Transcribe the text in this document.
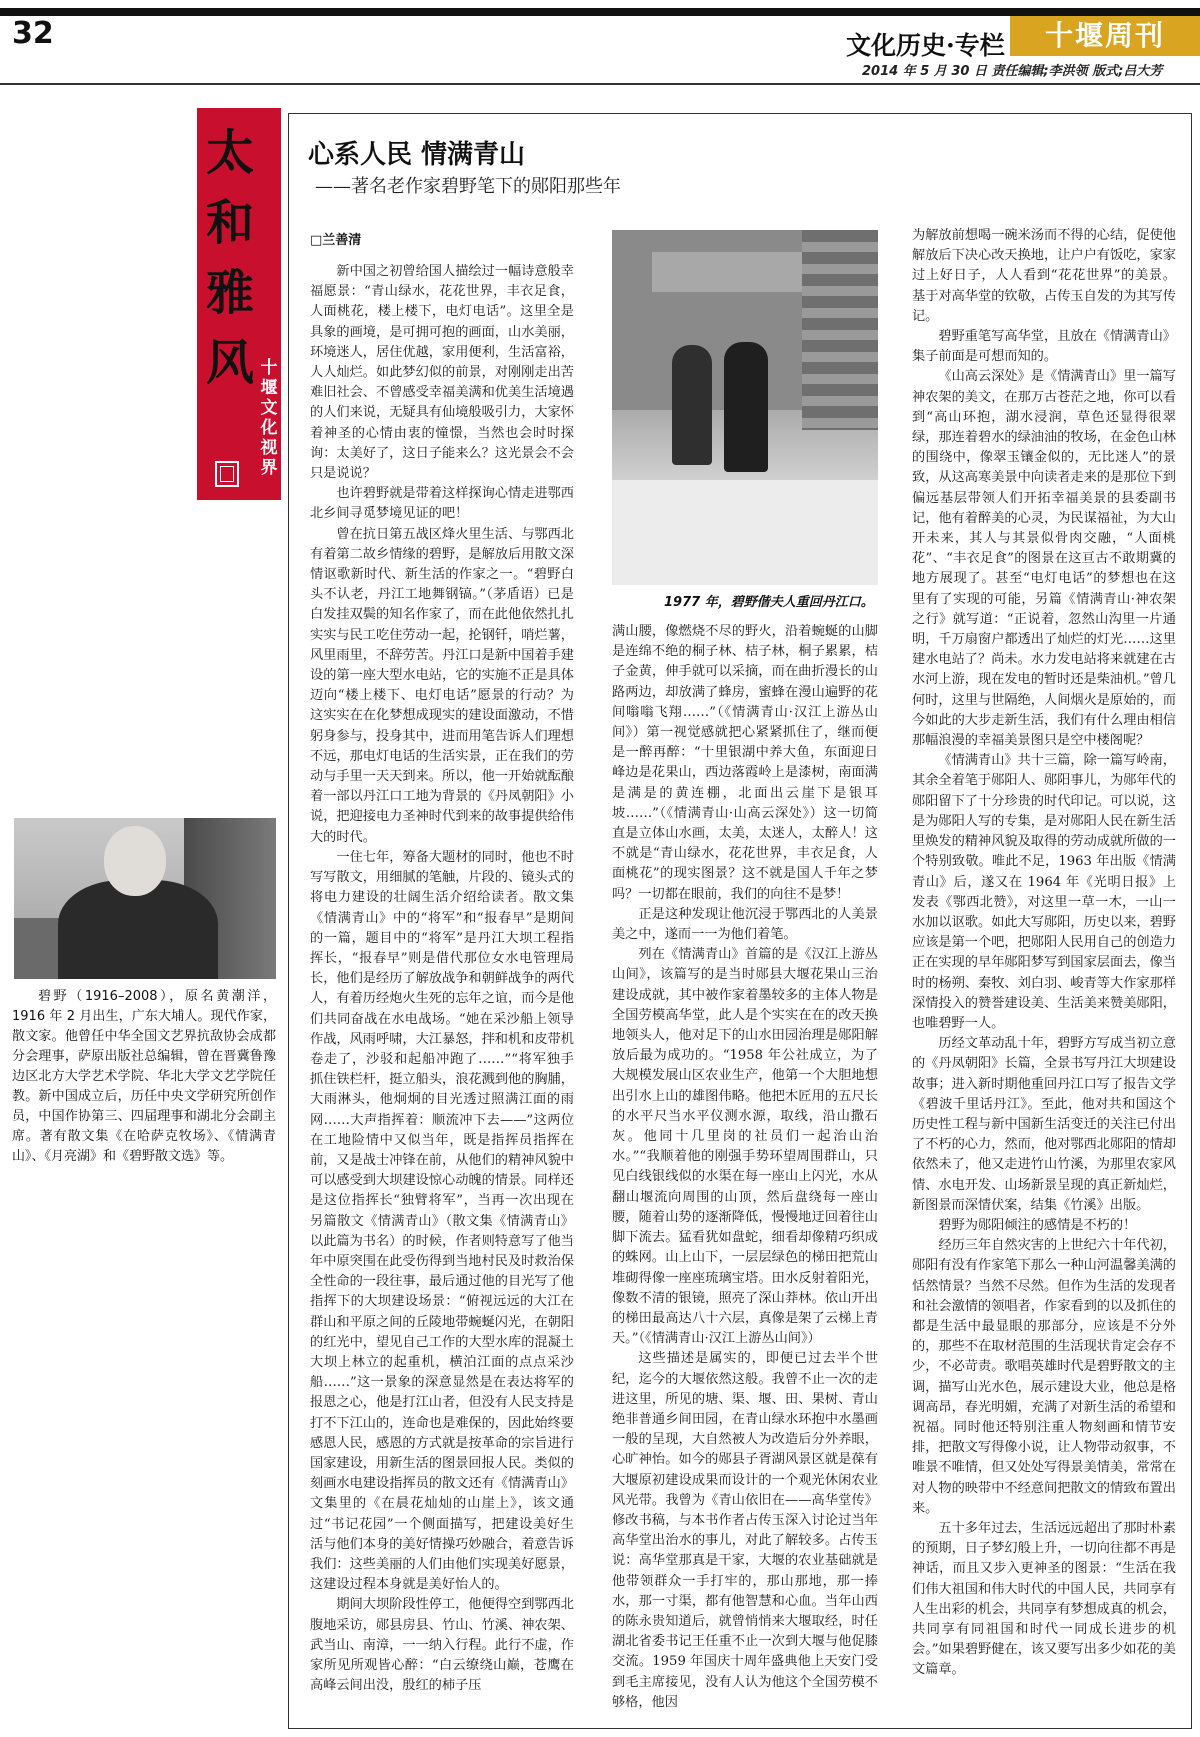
32	文化历史·专栏	十堰周刊
2014 年 5 月 30 日 责任编辑;李洪领 版式;吕大芳
太和雅风 十堰文化视界
碧野（1916–2008），原名黄潮洋，1916 年 2 月出生，广东大埔人。现代作家，散文家。他曾任中华全国文艺界抗敌协会成都分会理事，萨原出版社总编辑，曾在晋冀鲁豫边区北方大学艺术学院、华北大学文艺学院任教。新中国成立后，历任中央文学研究所创作员，中国作协第三、四届理事和湖北分会副主席。著有散文集《在哈萨克牧场》、《情满青山》、《月亮湖》和《碧野散文选》等。
心系人民 情满青山
——著名老作家碧野笔下的郧阳那些年
□兰善清

新中国之初曾给国人描绘过一幅诗意般幸福愿景：“青山绿水，花花世界，丰衣足食，人面桃花，楼上楼下，电灯电话”。这里全是具象的画境，是可拥可抱的画面，山水美丽，环境迷人，居住优越，家用便利，生活富裕，人人灿烂。如此梦幻似的前景，对刚刚走出苦难旧社会、不曾感受幸福美满和优美生活境遇的人们来说，无疑具有仙境般吸引力，大家怀着神圣的心情由衷的憧憬，当然也会时时探询：太美好了，这日子能来么？这光景会不会只是说说？

也许碧野就是带着这样探询心情走进鄂西北乡间寻觅梦境见证的吧！

曾在抗日第五战区烽火里生活、与鄂西北有着第二故乡情缘的碧野，是解放后用散文深情讴歌新时代、新生活的作家之一。“碧野白头不认老，丹江工地舞钢镐。”（茅盾语）已是白发挂双鬓的知名作家了，而在此他依然扎扎实实与民工吃住劳动一起，抡钢钎，哨烂薯，风里雨里，不辞劳苦。丹江口是新中国着手建设的第一座大型水电站，它的实施不正是具体迈向“楼上楼下、电灯电话”愿景的行动？为这实实在在化梦想成现实的建设面激动，不惜躬身参与，投身其中，进而用笔告诉人们理想不远，那电灯电话的生活实景，正在我们的劳动与手里一天天到来。所以，他一开始就酝酿着一部以丹江口工地为背景的《丹凤朝阳》小说，把迎接电力圣神时代到来的故事提供给伟大的时代。

一住七年，筹备大题材的同时，他也不时写写散文，用细腻的笔触，片段的、镜头式的将电力建设的壮阔生活介绍给读者。散文集《情满青山》中的“将军”和“报春早”是期间的一篇，题目中的“将军”是丹江大坝工程指挥长，“报春早”则是借代那位女水电管理局长，他们是经历了解放战争和朝鲜战争的两代人，有着历经炮火生死的忘年之谊，而今是他们共同奋战在水电战场。“她在采沙船上领导作战，风雨呼啸，大江暴怒，拌和机和皮带机卷走了，沙驳和起船冲跑了……”“将军独手抓住铁栏杆，挺立船头，浪花溅到他的胸脯，大雨淋头，他炯炯的目光透过照满江面的雨网……大声指挥着：顺流冲下去——”这两位在工地险情中又似当年，既是指挥员指挥在前，又是战士冲锋在前，从他们的精神风貌中可以感受到大坝建设惊心动魄的情景。同样还是这位指挥长“独臂将军”，当再一次出现在另篇散文《情满青山》（散文集《情满青山》以此篇为书名）的时候，作者则特意写了他当年中原突围在此受伤得到当地村民及时救治保全性命的一段往事，最后通过他的目光写了他指挥下的大坝建设场景：“俯视远远的大江在群山和平原之间的丘陵地带蜿蜒闪光，在朝阳的红光中，望见自己工作的大型水库的混凝土大坝上林立的起重机，横泊江面的点点采沙船……”这一景象的深意显然是在表达将军的报恩之心，他是打江山者，但没有人民支持是打不下江山的，连命也是难保的，因此始终要感恩人民，感恩的方式就是按革命的宗旨进行国家建设，用新生活的图景回报人民。类似的刻画水电建设指挥员的散文还有《情满青山》文集里的《在晨花灿灿的山崖上》，该文通过“书记花园”一个侧面描写，把建设美好生活与他们本身的美好情操巧妙融合，着意告诉我们：这些美丽的人们由他们实现美好愿景，这建设过程本身就是美好怡人的。

期间大坝阶段性停工，他便得空到鄂西北腹地采访，郧县房县、竹山、竹溪、神农架、武当山、南漳，一一纳入行程。此行不虚，作家所见所观皆心醉：“白云缭绕山巅，苍鹰在高峰云间出没，殷红的柿子压

1977 年，碧野偕夫人重回丹江口。

满山腰，像燃烧不尽的野火，沿着蜿蜒的山脚是连绵不绝的桐子林、桔子林，桐子累累，桔子金黄，伸手就可以采摘，而在曲折漫长的山路两边，却放满了蜂房，蜜蜂在漫山遍野的花间嗡嗡飞翔……”（《情满青山·汉江上游丛山间》）第一视觉感就把心紧紧抓住了，继而便是一醉再醉：“十里银湖中养大鱼，东面迎日峰边是花果山，西边落霞岭上是漆树，南面满是满是的黄连棚，北面出云崖下是银耳坡……”（《情满青山·山高云深处》）这一切简直是立体山水画，太美，太迷人，太醉人！这不就是“青山绿水，花花世界，丰衣足食，人面桃花”的现实图景？这不就是国人千年之梦吗？一切都在眼前，我们的向往不是梦！

正是这种发现让他沉浸于鄂西北的人美景美之中，遂而一一为他们着笔。

列在《情满青山》首篇的是《汉江上游丛山间》，该篇写的是当时郧县大堰花果山三治建设成就，其中被作家着墨较多的主体人物是全国劳模高华堂，此人是个实实在在的改天换地领头人，他对足下的山水田园治理是郧阳解放后最为成功的。“1958 年公社成立，为了大规模发展山区农业生产，他第一个大胆地想出引水上山的雄图伟略。他把木匠用的五尺长的水平尺当水平仪测水源，取线，沿山撒石灰。他同十几里岗的社员们一起治山治水。”“我顺着他的刚强手势环望周围群山，只见白线银线似的水渠在每一座山上闪光，水从翻山堰流向周围的山顶，然后盘绕每一座山腰，随着山势的逐渐降低，慢慢地迂回着往山脚下流去。猛看犹如盘蛇，细看却像精巧织成的蛛网。山上山下，一层层绿色的梯田把荒山堆砌得像一座座琉璃宝塔。田水反射着阳光，像数不清的银镜，照亮了深山莽林。依山开出的梯田最高达八十六层，真像是架了云梯上青天。”（《情满青山·汉江上游丛山间》）

这些描述是属实的，即便已过去半个世纪，迄今的大堰依然这般。我曾不止一次的走进这里，所见的塘、渠、堰、田、果树、青山绝非普通乡间田园，在青山绿水环抱中水墨画一般的呈现，大自然被人为改造后分外养眼，心旷神怡。如今的郧县子胥湖风景区就是葆有大堰原初建设成果而设计的一个观光休闲农业风光带。我曾为《青山依旧在——高华堂传》修改书稿，与本书作者占传玉深入讨论过当年高华堂出治水的事儿，对此了解较多。占传玉说：高华堂那真是干家，大堰的农业基础就是他带领群众一手打牢的，那山那地，那一捧水，那一寸渠，都有他智慧和心血。当年山西的陈永贵知道后，就曾悄悄来大堰取经，时任湖北省委书记王任重不止一次到大堰与他促膝交流。1959 年国庆十周年盛典他上天安门受到毛主席接见，没有人认为他这个全国劳模不够格，他因

为解放前想喝一碗米汤而不得的心结，促使他解放后下决心改天换地，让户户有饭吃，家家过上好日子，人人看到“花花世界”的美景。基于对高华堂的钦敬，占传玉自发的为其写传记。

碧野重笔写高华堂，且放在《情满青山》集子前面是可想而知的。

《山高云深处》是《情满青山》里一篇写神农架的美文，在那万古苍茫之地，你可以看到“高山环抱，湖水浸润，草色还显得很翠绿，那连着碧水的绿油油的牧场，在金色山林的围绕中，像翠玉镶金似的，无比迷人”的景致，从这高寒美景中向读者走来的是那位下到偏远基层带领人们开拓幸福美景的县委副书记，他有着醉美的心灵，为民谋福祉，为大山开未来，其人与其景似骨肉交融，“人面桃花”、“丰衣足食”的图景在这亘古不敢期冀的地方展现了。甚至“电灯电话”的梦想也在这里有了实现的可能，另篇《情满青山·神农架之行》就写道：“正说着，忽然山沟里一片通明，千万扇窗户都透出了灿烂的灯光……这里建水电站了？尚未。水力发电站将来就建在古水河上游，现在发电的暂时还是柴油机。”曾几何时，这里与世隔绝，人间烟火是原始的，而今如此的大步走新生活，我们有什么理由相信那幅浪漫的幸福美景图只是空中楼阁呢？

《情满青山》共十三篇，除一篇写岭南，其余全着笔于郧阳人、郧阳事儿，为郧年代的郧阳留下了十分珍贵的时代印记。可以说，这是为郧阳人写的专集，是对郧阳人民在新生活里焕发的精神风貌及取得的劳动成就所做的一个特别致敬。唯此不足，1963 年出版《情满青山》后，遂又在 1964 年《光明日报》上发表《鄂西北赞》，对这里一草一木，一山一水加以讴歌。如此大写郧阳，历史以来，碧野应该是第一个吧，把郧阳人民用自己的创造力正在实现的早年郧阳梦写到国家层面去，像当时的杨朔、秦牧、刘白羽、峻青等大作家那样深情投入的赞誉建设美、生活美来赞美郧阳，也唯碧野一人。

历经文革动乱十年，碧野方写成当初立意的《丹凤朝阳》长篇，全景书写丹江大坝建设故事；进入新时期他重回丹江口写了报告文学《碧波千里话丹江》。至此，他对共和国这个历史性工程与新中国新生活变迁的关注已付出了不朽的心力，然而，他对鄂西北郧阳的情却依然未了，他又走进竹山竹溪，为那里农家风情、水电开发、山场新景呈现的真正新灿烂，新图景而深情伏案，结集《竹溪》出版。

碧野为郧阳倾注的感情是不朽的！

经历三年自然灾害的上世纪六十年代初，郧阳有没有作家笔下那么一种山河温馨美满的恬然情景？当然不尽然。但作为生活的发现者和社会激情的领唱者，作家看到的以及抓住的都是生活中最显眼的那部分，应该是不分外的，那些不在取材范围的生活现状肯定会存不少，不必苛责。歌唱英雄时代是碧野散文的主调，描写山光水色，展示建设大业，他总是格调高昂，春光明媚，充满了对新生活的希望和祝福。同时他还特别注重人物刻画和情节安排，把散文写得像小说，让人物带动叙事，不唯景不唯情，但又处处写得景美情美，常常在对人物的映带中不经意间把散文的情致布置出来。

五十多年过去，生活远远超出了那时朴素的预期，日子梦幻般上升，一切向往都不再是神话，而且又步入更神圣的图景：“生活在我们伟大祖国和伟大时代的中国人民，共同享有人生出彩的机会，共同享有梦想成真的机会，共同享有同祖国和时代一同成长进步的机会。”如果碧野健在，该又要写出多少如花的美文篇章。
